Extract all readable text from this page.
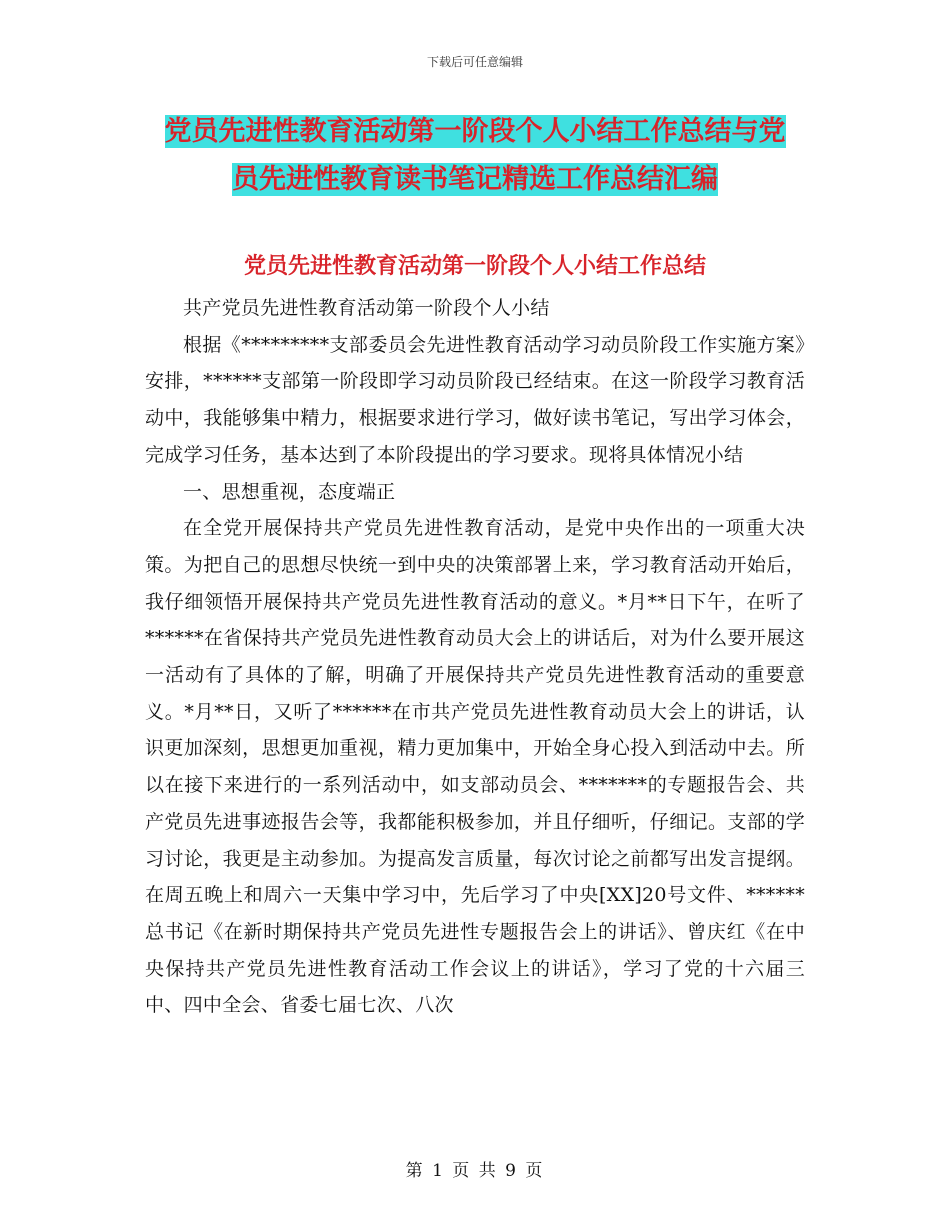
下载后可任意编辑
党员先进性教育活动第一阶段个人小结工作总结与党
员先进性教育读书笔记精选工作总结汇编
党员先进性教育活动第一阶段个人小结工作总结

共产党员先进性教育活动第一阶段个人小结

根据《*********支部委员会先进性教育活动学习动员阶段工作实施方案》安排，******支部第一阶段即学习动员阶段已经结束。在这一阶段学习教育活动中，我能够集中精力，根据要求进行学习，做好读书笔记，写出学习体会，完成学习任务，基本达到了本阶段提出的学习要求。现将具体情况小结

一、思想重视，态度端正

在全党开展保持共产党员先进性教育活动，是党中央作出的一项重大决策。为把自己的思想尽快统一到中央的决策部署上来，学习教育活动开始后，我仔细领悟开展保持共产党员先进性教育活动的意义。*月**日下午，在听了******在省保持共产党员先进性教育动员大会上的讲话后，对为什么要开展这一活动有了具体的了解，明确了开展保持共产党员先进性教育活动的重要意义。*月**日，又听了******在市共产党员先进性教育动员大会上的讲话，认识更加深刻，思想更加重视，精力更加集中，开始全身心投入到活动中去。所以在接下来进行的一系列活动中，如支部动员会、*******的专题报告会、共产党员先进事迹报告会等，我都能积极参加，并且仔细听，仔细记。支部的学习讨论，我更是主动参加。为提高发言质量，每次讨论之前都写出发言提纲。在周五晚上和周六一天集中学习中，先后学习了中央[XX]20号文件、******总书记《在新时期保持共产党员先进性专题报告会上的讲话》、曾庆红《在中央保持共产党员先进性教育活动工作会议上的讲话》，学习了党的十六届三中、四中全会、省委七届七次、八次

第 1 页 共 9 页
